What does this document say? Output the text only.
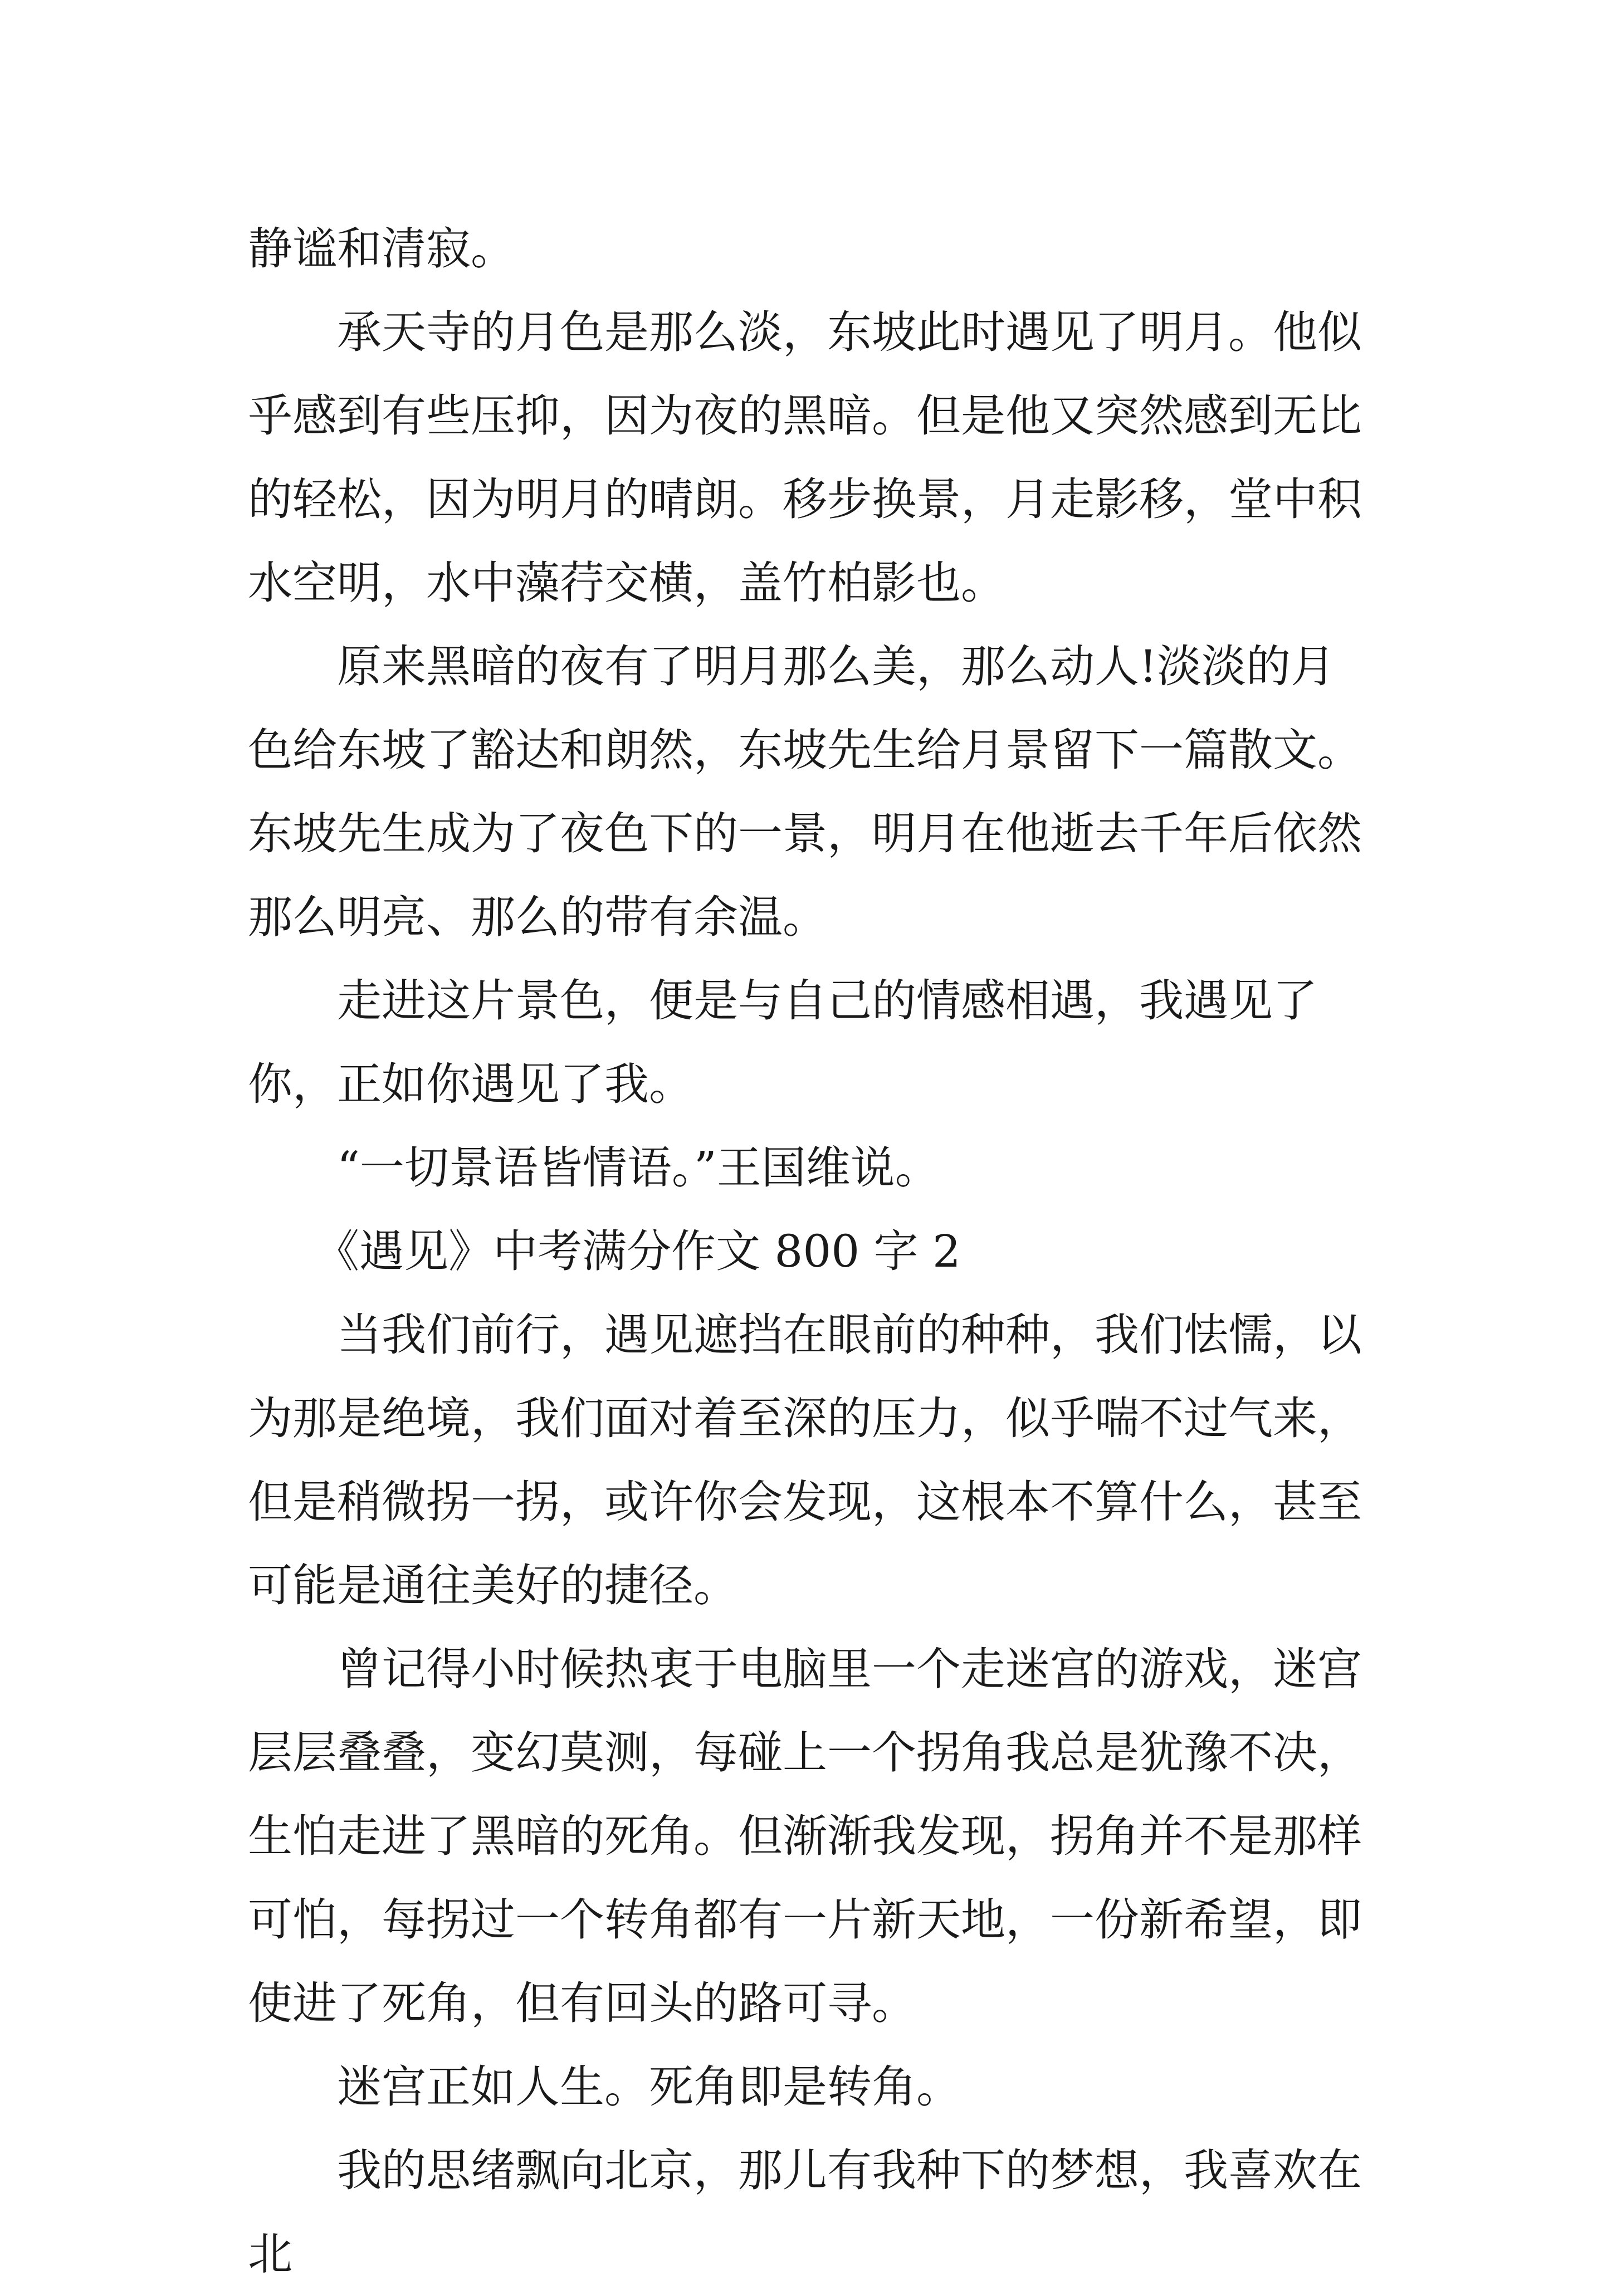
静谧和清寂。

　　承天寺的月色是那么淡，东坡此时遇见了明月。他似乎感到有些压抑，因为夜的黑暗。但是他又突然感到无比的轻松，因为明月的晴朗。移步换景，月走影移，堂中积水空明，水中藻荇交横，盖竹柏影也。

　　原来黑暗的夜有了明月那么美，那么动人!淡淡的月色给东坡了豁达和朗然，东坡先生给月景留下一篇散文。东坡先生成为了夜色下的一景，明月在他逝去千年后依然那么明亮、那么的带有余温。

　　走进这片景色，便是与自己的情感相遇，我遇见了你，正如你遇见了我。

　　“一切景语皆情语。”王国维说。

　　《遇见》中考满分作文 800 字 2

　　当我们前行，遇见遮挡在眼前的种种，我们怯懦，以为那是绝境，我们面对着至深的压力，似乎喘不过气来，但是稍微拐一拐，或许你会发现，这根本不算什么，甚至可能是通往美好的捷径。

　　曾记得小时候热衷于电脑里一个走迷宫的游戏，迷宫层层叠叠，变幻莫测，每碰上一个拐角我总是犹豫不决，生怕走进了黑暗的死角。但渐渐我发现，拐角并不是那样可怕，每拐过一个转角都有一片新天地，一份新希望，即使进了死角，但有回头的路可寻。

　　迷宫正如人生。死角即是转角。

　　我的思绪飘向北京，那儿有我种下的梦想，我喜欢在北
